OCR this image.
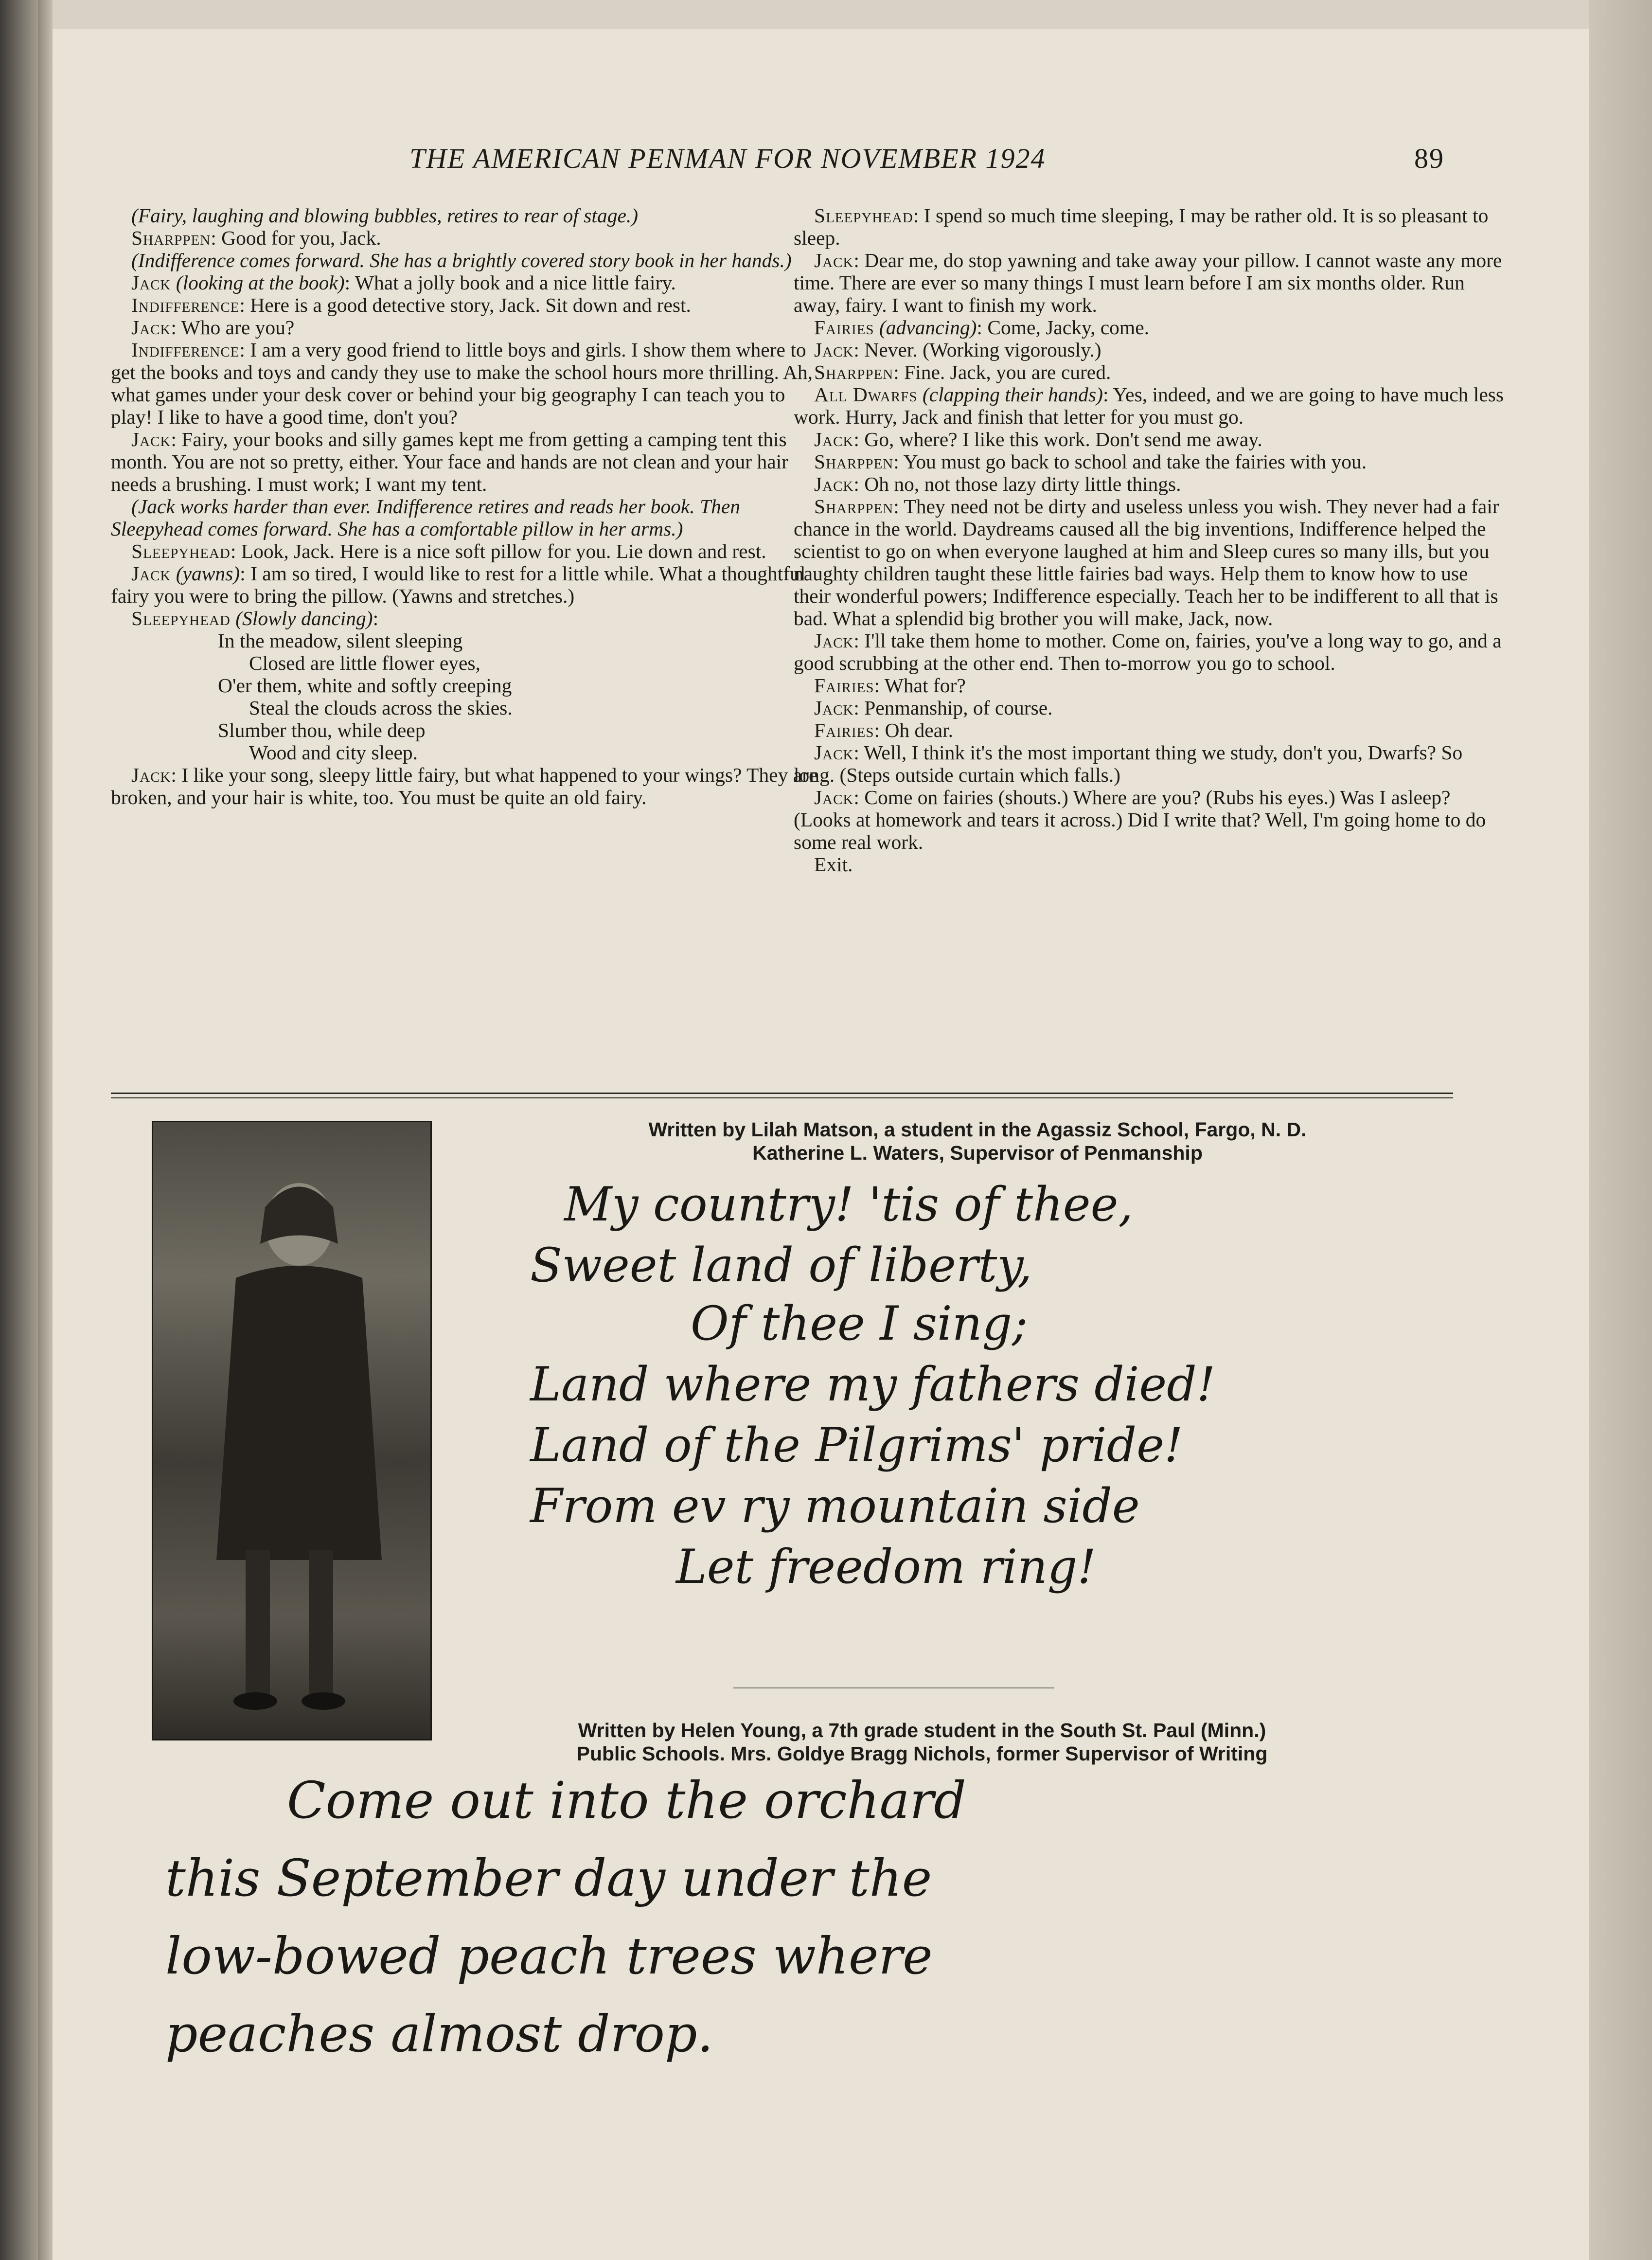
THE AMERICAN PENMAN FOR NOVEMBER 1924	89

(Fairy, laughing and blowing bubbles, retires to rear of stage.)

Sharppen: Good for you, Jack.

(Indifference comes forward. She has a brightly covered story book in her hands.)

Jack (looking at the book): What a jolly book and a nice little fairy.

Indifference: Here is a good detective story, Jack. Sit down and rest.

Jack: Who are you?

Indifference: I am a very good friend to little boys and girls. I show them where to get the books and toys and candy they use to make the school hours more thrilling. Ah, what games under your desk cover or behind your big geography I can teach you to play! I like to have a good time, don't you?

Jack: Fairy, your books and silly games kept me from getting a camping tent this month. You are not so pretty, either. Your face and hands are not clean and your hair needs a brushing. I must work; I want my tent.

(Jack works harder than ever. Indifference retires and reads her book. Then Sleepyhead comes forward. She has a comfortable pillow in her arms.)

Sleepyhead: Look, Jack. Here is a nice soft pillow for you. Lie down and rest.

Jack (yawns): I am so tired, I would like to rest for a little while. What a thoughtful fairy you were to bring the pillow. (Yawns and stretches.)

Sleepyhead (Slowly dancing):

In the meadow, silent sleeping
Closed are little flower eyes,
O'er them, white and softly creeping
Steal the clouds across the skies.
Slumber thou, while deep
Wood and city sleep.

Jack: I like your song, sleepy little fairy, but what happened to your wings? They are broken, and your hair is white, too. You must be quite an old fairy.

Sleepyhead: I spend so much time sleeping, I may be rather old. It is so pleasant to sleep.

Jack: Dear me, do stop yawning and take away your pillow. I cannot waste any more time. There are ever so many things I must learn before I am six months older. Run away, fairy. I want to finish my work.

Fairies (advancing): Come, Jacky, come.

Jack: Never. (Working vigorously.)

Sharppen: Fine. Jack, you are cured.

All Dwarfs (clapping their hands): Yes, indeed, and we are going to have much less work. Hurry, Jack and finish that letter for you must go.

Jack: Go, where? I like this work. Don't send me away.

Sharppen: You must go back to school and take the fairies with you.

Jack: Oh no, not those lazy dirty little things.

Sharppen: They need not be dirty and useless unless you wish. They never had a fair chance in the world. Daydreams caused all the big inventions, Indifference helped the scientist to go on when everyone laughed at him and Sleep cures so many ills, but you naughty children taught these little fairies bad ways. Help them to know how to use their wonderful powers; Indifference especially. Teach her to be indifferent to all that is bad. What a splendid big brother you will make, Jack, now.

Jack: I'll take them home to mother. Come on, fairies, you've a long way to go, and a good scrubbing at the other end. Then to-morrow you go to school.

Fairies: What for?

Jack: Penmanship, of course.

Fairies: Oh dear.

Jack: Well, I think it's the most important thing we study, don't you, Dwarfs? So long. (Steps outside curtain which falls.)

Jack: Come on fairies (shouts.) Where are you? (Rubs his eyes.) Was I asleep? (Looks at homework and tears it across.) Did I write that? Well, I'm going home to do some real work.

Exit.

Written by Lilah Matson, a student in the Agassiz School, Fargo, N. D.
Katherine L. Waters, Supervisor of Penmanship
My country! 'tis of thee,
Sweet land of liberty,
Of thee I sing;
Land where my fathers died!
Land of the Pilgrims' pride!
From ev ry mountain side
Let freedom ring!
Written by Helen Young, a 7th grade student in the South St. Paul (Minn.)
Public Schools. Mrs. Goldye Bragg Nichols, former Supervisor of Writing
Come out into the orchard
this September day under the
low-bowed peach trees where
peaches almost drop.
